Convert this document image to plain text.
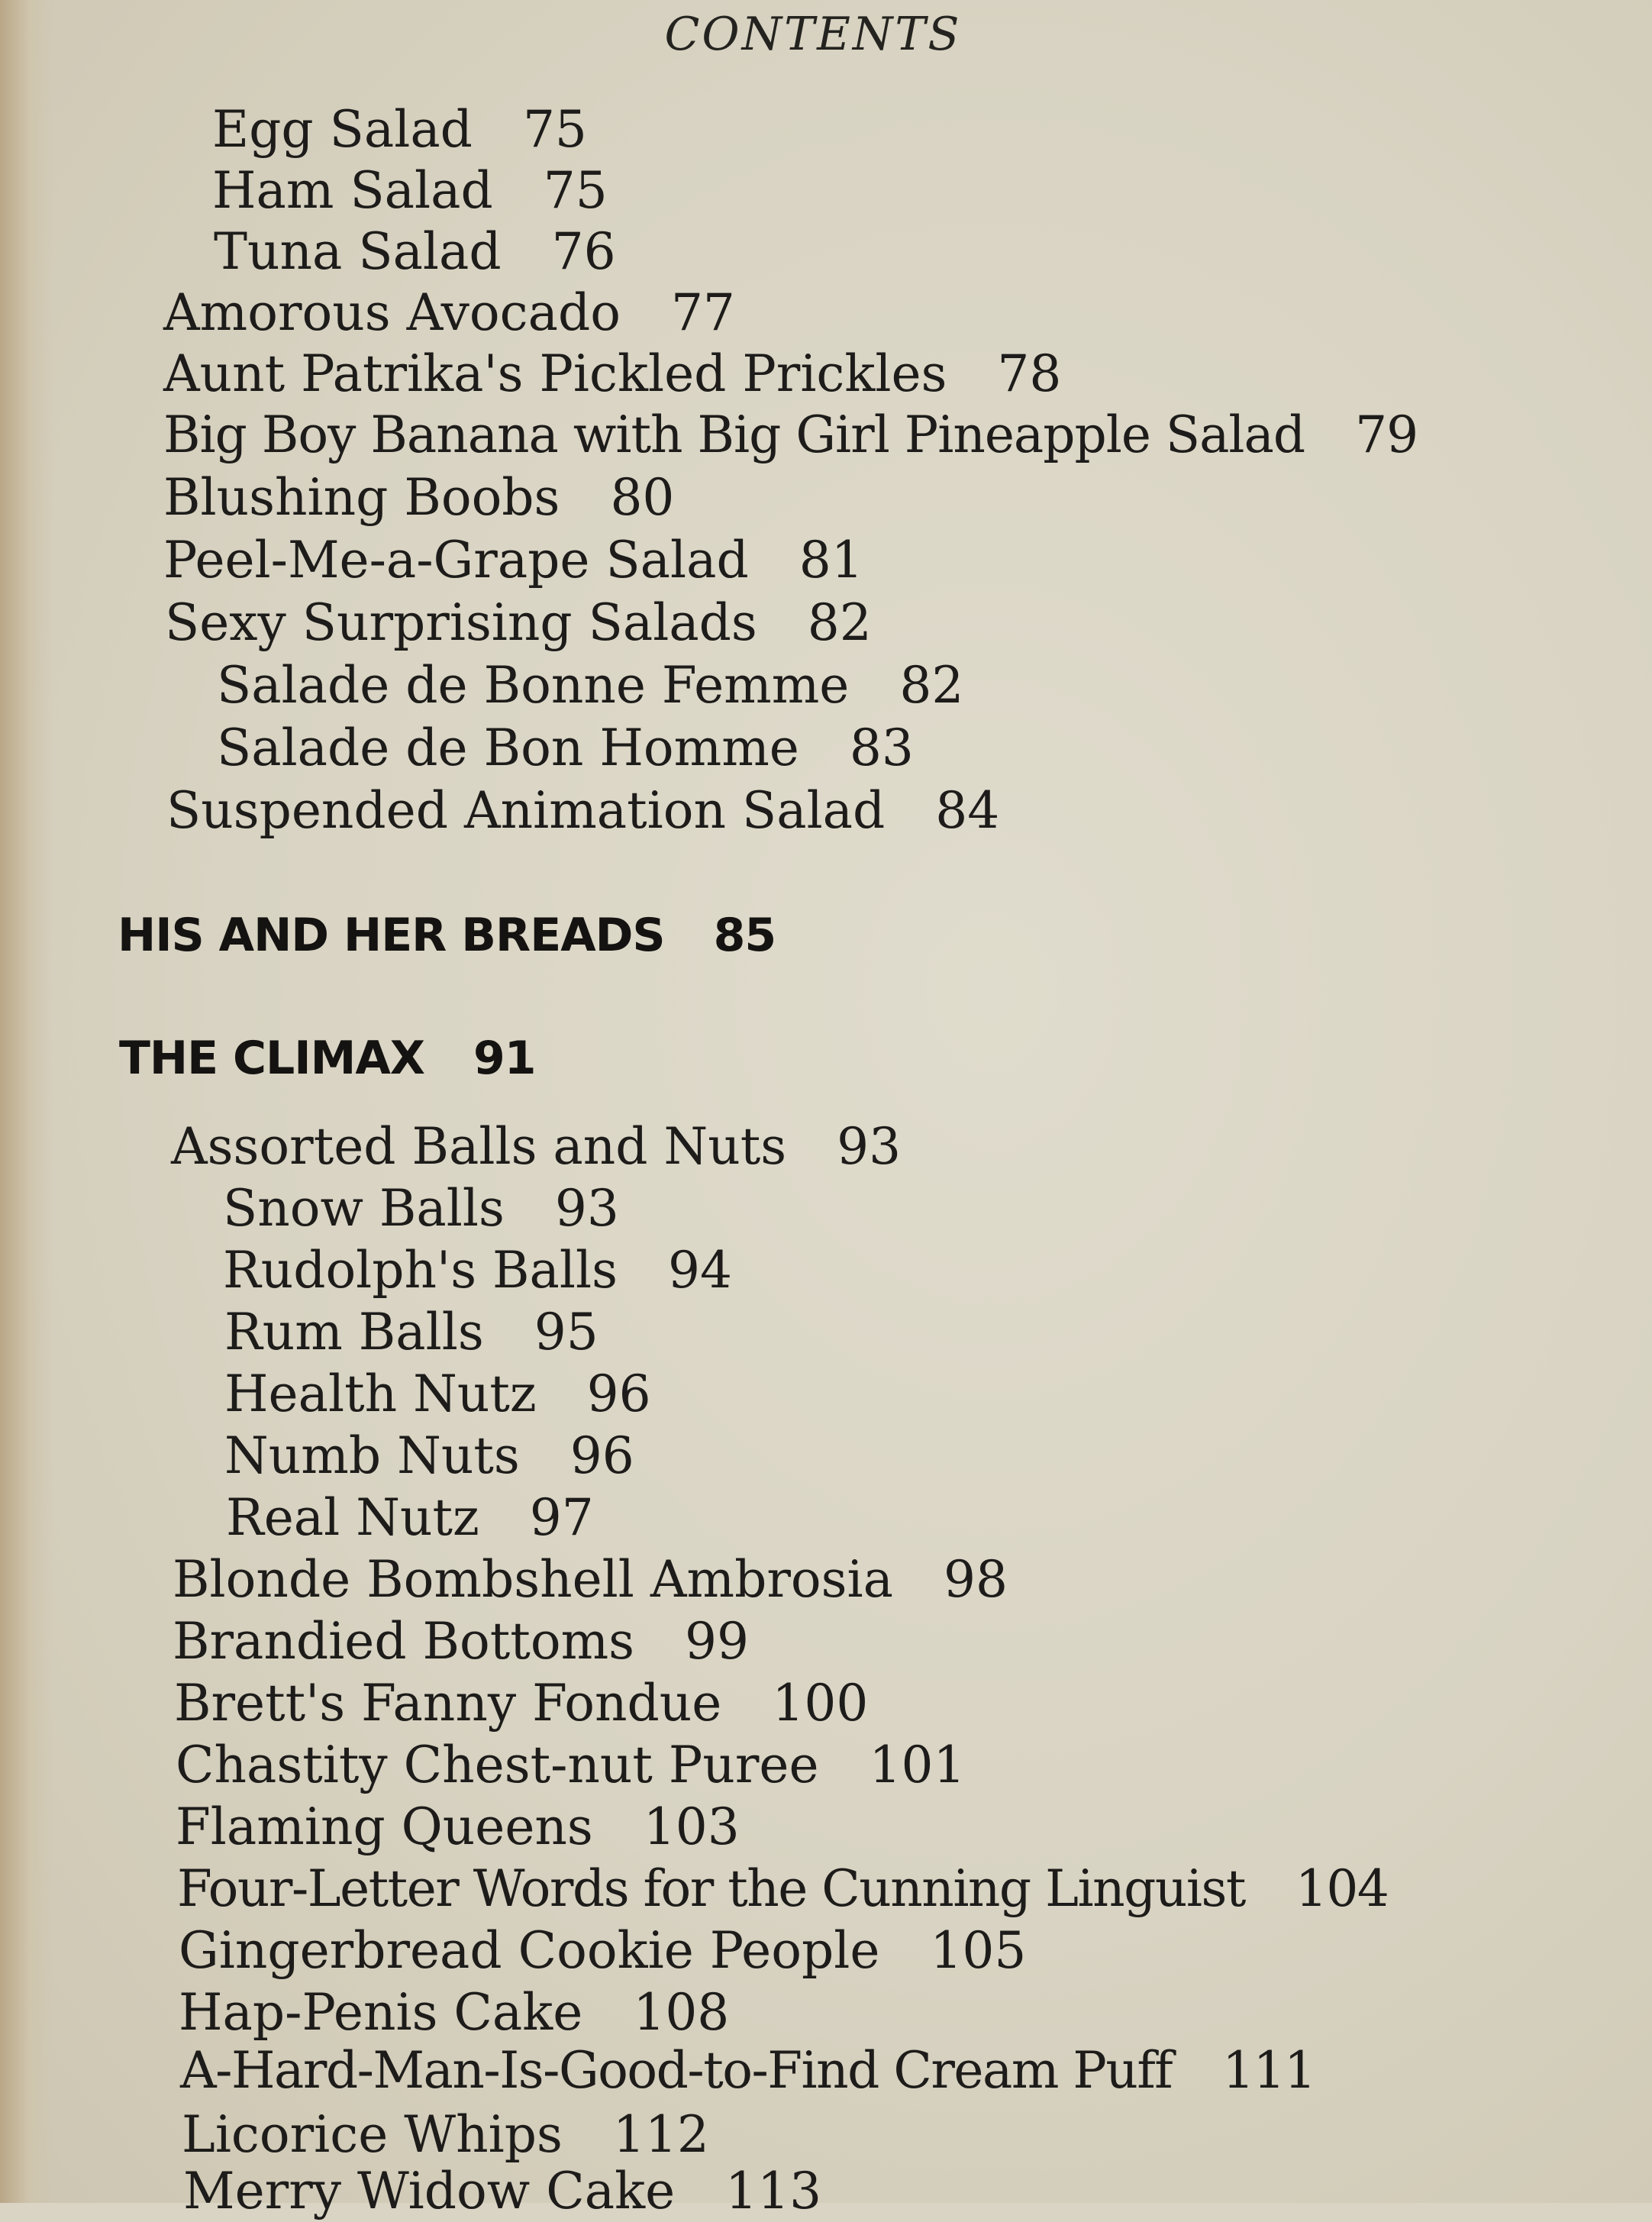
CONTENTS
Egg Salad 75
Ham Salad 75
Tuna Salad 76
Amorous Avocado 77
Aunt Patrika's Pickled Prickles 78
Big Boy Banana with Big Girl Pineapple Salad 79
Blushing Boobs 80
Peel-Me-a-Grape Salad 81
Sexy Surprising Salads 82
Salade de Bonne Femme 82
Salade de Bon Homme 83
Suspended Animation Salad 84
HIS AND HER BREADS 85
THE CLIMAX 91
Assorted Balls and Nuts 93
Snow Balls 93
Rudolph's Balls 94
Rum Balls 95
Health Nutz 96
Numb Nuts 96
Real Nutz 97
Blonde Bombshell Ambrosia 98
Brandied Bottoms 99
Brett's Fanny Fondue 100
Chastity Chest-nut Puree 101
Flaming Queens 103
Four-Letter Words for the Cunning Linguist 104
Gingerbread Cookie People 105
Hap-Penis Cake 108
A-Hard-Man-Is-Good-to-Find Cream Puff 111
Licorice Whips 112
Merry Widow Cake 113
